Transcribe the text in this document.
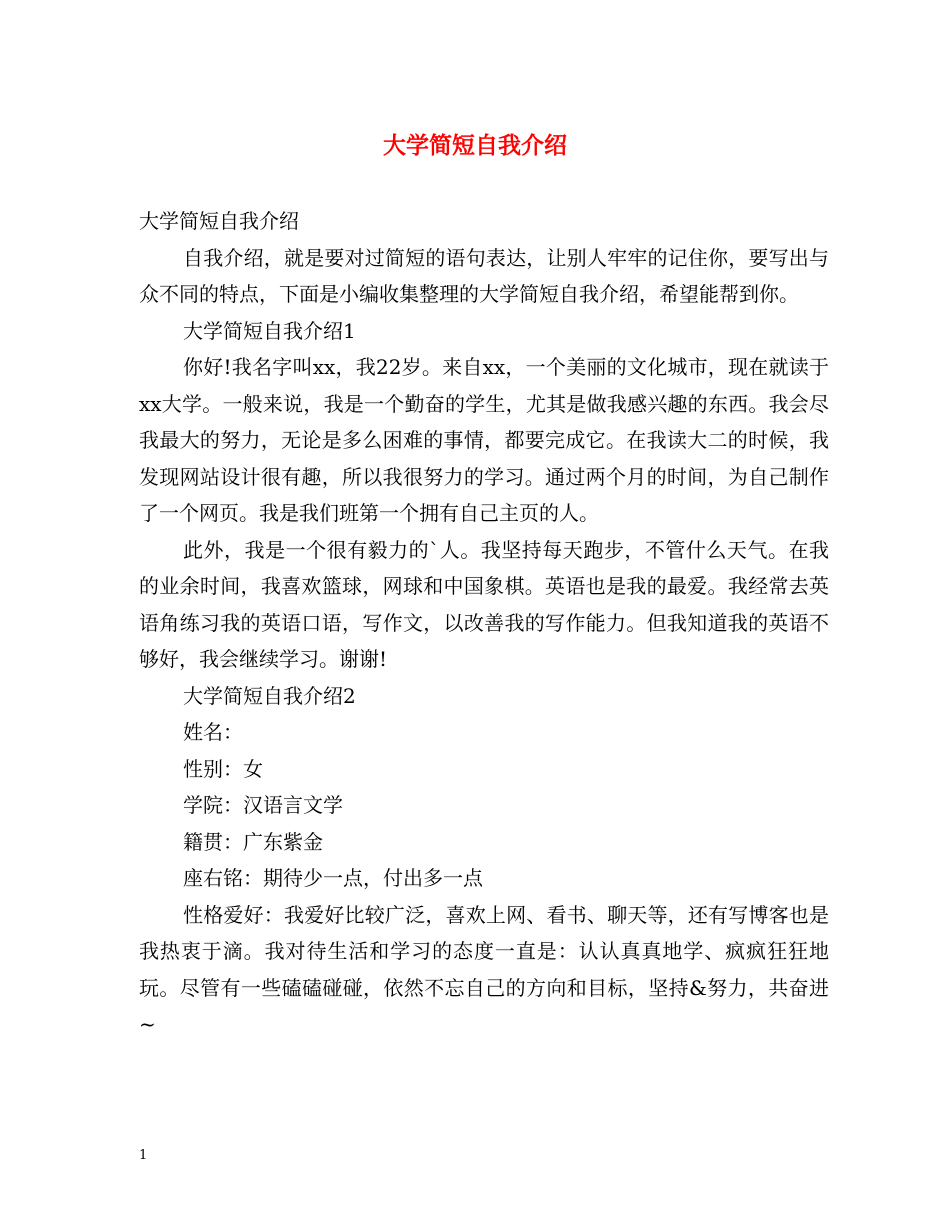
大学简短自我介绍

大学简短自我介绍

自我介绍，就是要对过简短的语句表达，让别人牢牢的记住你，要写出与众不同的特点，下面是小编收集整理的大学简短自我介绍，希望能帮到你。

大学简短自我介绍1

你好!我名字叫xx，我22岁。来自xx，一个美丽的文化城市，现在就读于xx大学。一般来说，我是一个勤奋的学生，尤其是做我感兴趣的东西。我会尽我最大的努力，无论是多么困难的事情，都要完成它。在我读大二的时候，我发现网站设计很有趣，所以我很努力的学习。通过两个月的时间，为自己制作了一个网页。我是我们班第一个拥有自己主页的人。

此外，我是一个很有毅力的`人。我坚持每天跑步，不管什么天气。在我的业余时间，我喜欢篮球，网球和中国象棋。英语也是我的最爱。我经常去英语角练习我的英语口语，写作文，以改善我的写作能力。但我知道我的英语不够好，我会继续学习。谢谢!

大学简短自我介绍2

姓名：

性别：女

学院：汉语言文学

籍贯：广东紫金

座右铭：期待少一点，付出多一点

性格爱好：我爱好比较广泛，喜欢上网、看书、聊天等，还有写博客也是我热衷于滴。我对待生活和学习的态度一直是：认认真真地学、疯疯狂狂地玩。尽管有一些磕磕碰碰，依然不忘自己的方向和目标，坚持&努力，共奋进~

1
